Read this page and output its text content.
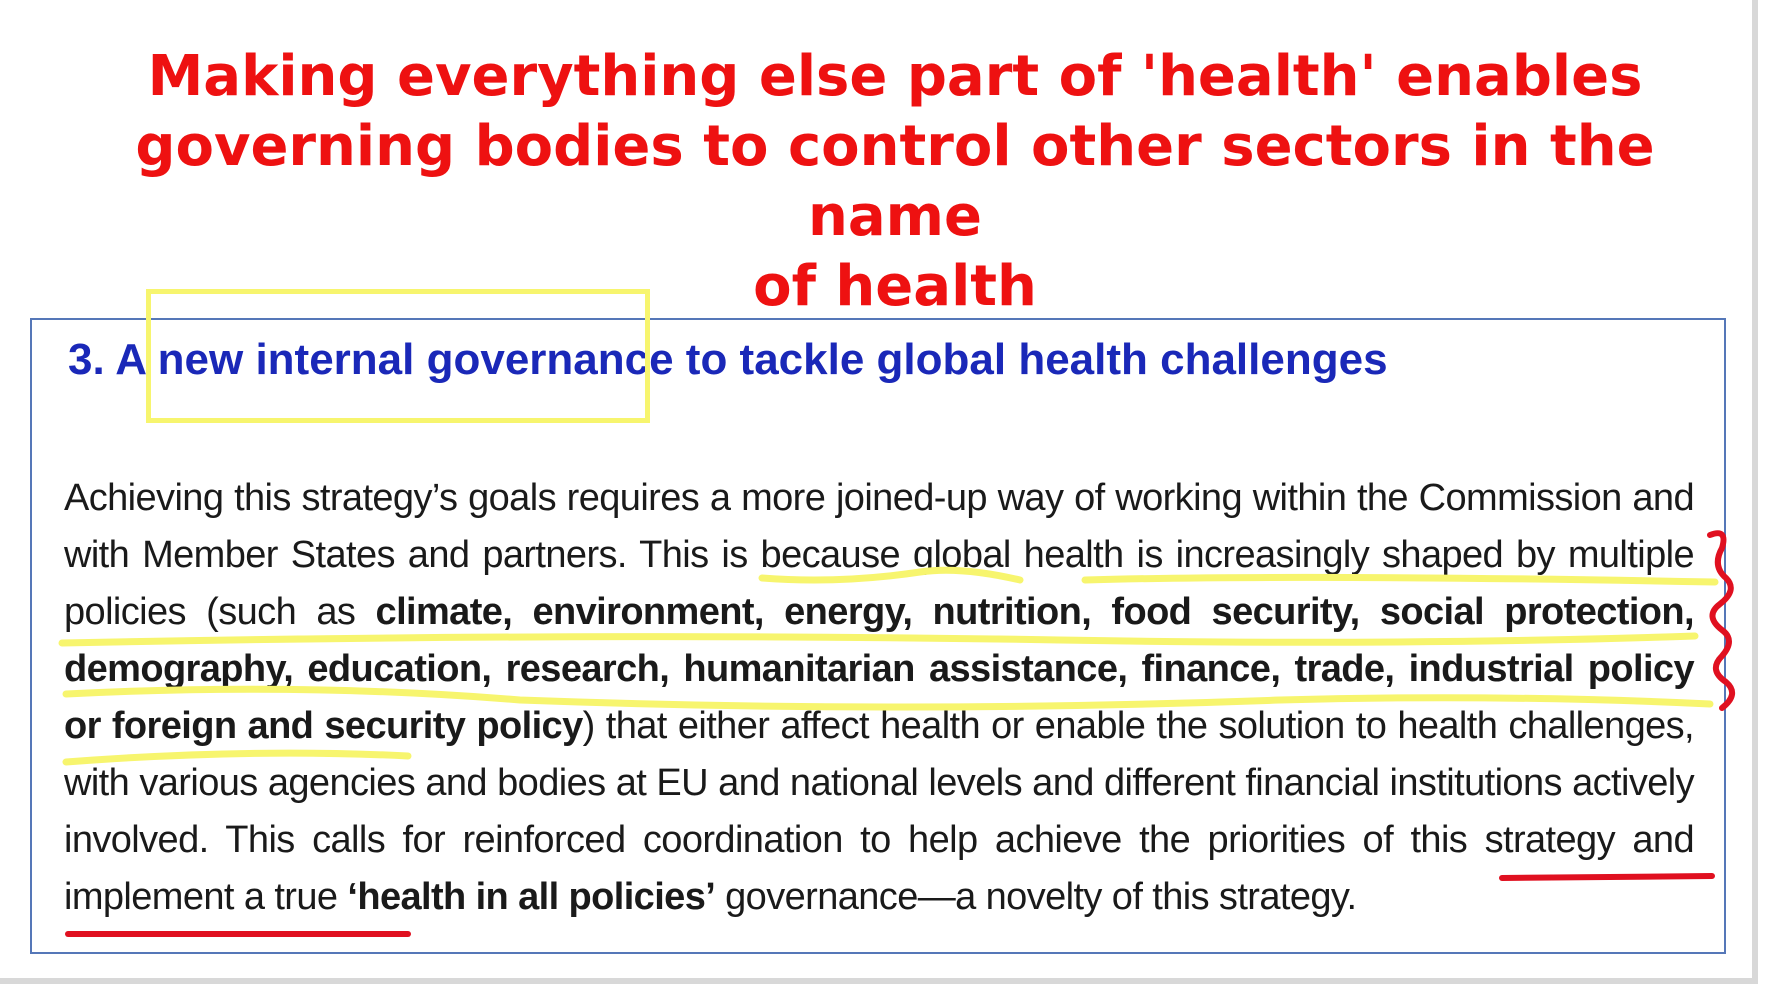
Making everything else part of 'health' enables
governing bodies to control other sectors in the name
of health
3. A new internal governance to tackle global health challenges

Achieving this strategy’s goals requires a more joined-up way of working within the Commission and with Member States and partners. This is because global health is increasingly shaped by multiple policies (such as climate, environment, energy, nutrition, food security, social protection, demography, education, research, humanitarian assistance, finance, trade, industrial policy or foreign and security policy) that either affect health or enable the solution to health challenges, with various agencies and bodies at EU and national levels and different financial institutions actively involved. This calls for reinforced coordination to help achieve the priorities of this strategy and implement a true ‘health in all policies’ governance—a novelty of this strategy.
